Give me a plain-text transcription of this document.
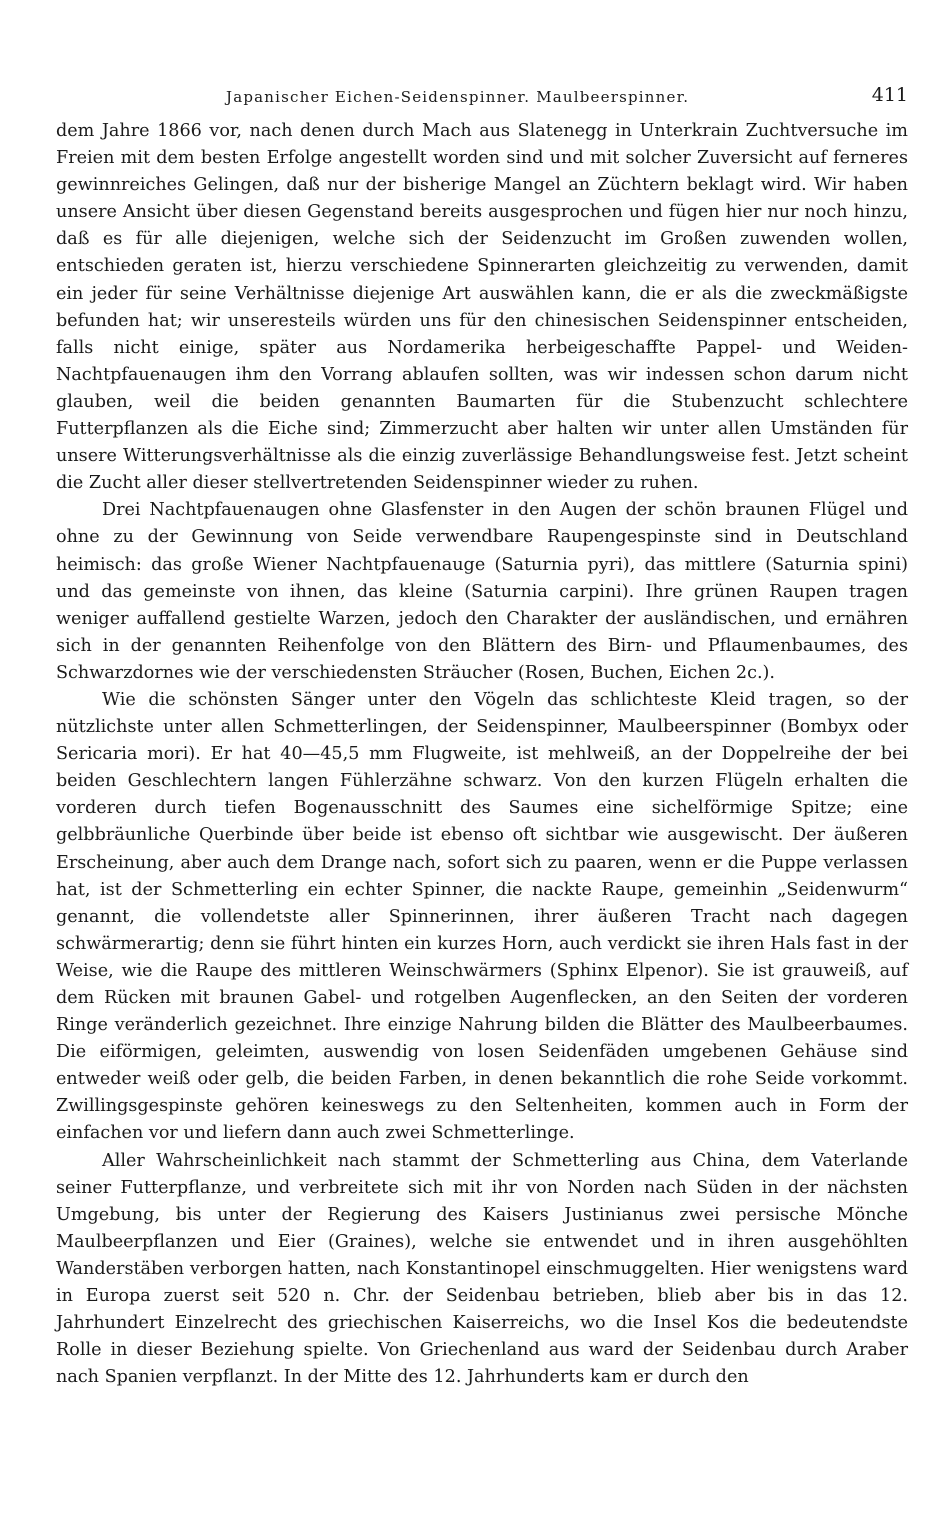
Japanischer Eichen-Seidenspinner. Maulbeerspinner.	411

dem Jahre 1866 vor, nach denen durch Mach aus Slatenegg in Unterkrain Zuchtversuche im Freien mit dem besten Erfolge angestellt worden sind und mit solcher Zuversicht auf ferneres gewinnreiches Gelingen, daß nur der bisherige Mangel an Züchtern beklagt wird. Wir haben unsere Ansicht über diesen Gegenstand bereits ausgesprochen und fügen hier nur noch hinzu, daß es für alle diejenigen, welche sich der Seidenzucht im Großen zuwenden wollen, entschieden geraten ist, hierzu verschiedene Spinnerarten gleichzeitig zu verwenden, damit ein jeder für seine Verhältnisse diejenige Art auswählen kann, die er als die zweckmäßigste befunden hat; wir unseresteils würden uns für den chinesischen Seidenspinner entscheiden, falls nicht einige, später aus Nordamerika herbeigeschaffte Pappel- und Weiden-Nachtpfauenaugen ihm den Vorrang ablaufen sollten, was wir indessen schon darum nicht glauben, weil die beiden genannten Baumarten für die Stubenzucht schlechtere Futterpflanzen als die Eiche sind; Zimmerzucht aber halten wir unter allen Umständen für unsere Witterungsverhältnisse als die einzig zuverlässige Behandlungsweise fest. Jetzt scheint die Zucht aller dieser stellvertretenden Seidenspinner wieder zu ruhen.

Drei Nachtpfauenaugen ohne Glasfenster in den Augen der schön braunen Flügel und ohne zu der Gewinnung von Seide verwendbare Raupengespinste sind in Deutschland heimisch: das große Wiener Nachtpfauenauge (Saturnia pyri), das mittlere (Saturnia spini) und das gemeinste von ihnen, das kleine (Saturnia carpini). Ihre grünen Raupen tragen weniger auffallend gestielte Warzen, jedoch den Charakter der ausländischen, und ernähren sich in der genannten Reihenfolge von den Blättern des Birn- und Pflaumenbaumes, des Schwarzdornes wie der verschiedensten Sträucher (Rosen, Buchen, Eichen 2c.).

Wie die schönsten Sänger unter den Vögeln das schlichteste Kleid tragen, so der nützlichste unter allen Schmetterlingen, der Seidenspinner, Maulbeerspinner (Bombyx oder Sericaria mori). Er hat 40—45,5 mm Flugweite, ist mehlweiß, an der Doppelreihe der bei beiden Geschlechtern langen Fühlerzähne schwarz. Von den kurzen Flügeln erhalten die vorderen durch tiefen Bogenausschnitt des Saumes eine sichelförmige Spitze; eine gelbbräunliche Querbinde über beide ist ebenso oft sichtbar wie ausgewischt. Der äußeren Erscheinung, aber auch dem Drange nach, sofort sich zu paaren, wenn er die Puppe verlassen hat, ist der Schmetterling ein echter Spinner, die nackte Raupe, gemeinhin „Seidenwurm“ genannt, die vollendetste aller Spinnerinnen, ihrer äußeren Tracht nach dagegen schwärmerartig; denn sie führt hinten ein kurzes Horn, auch verdickt sie ihren Hals fast in der Weise, wie die Raupe des mittleren Weinschwärmers (Sphinx Elpenor). Sie ist grauweiß, auf dem Rücken mit braunen Gabel- und rotgelben Augenflecken, an den Seiten der vorderen Ringe veränderlich gezeichnet. Ihre einzige Nahrung bilden die Blätter des Maulbeerbaumes. Die eiförmigen, geleimten, auswendig von losen Seidenfäden umgebenen Gehäuse sind entweder weiß oder gelb, die beiden Farben, in denen bekanntlich die rohe Seide vorkommt. Zwillingsgespinste gehören keineswegs zu den Seltenheiten, kommen auch in Form der einfachen vor und liefern dann auch zwei Schmetterlinge.

Aller Wahrscheinlichkeit nach stammt der Schmetterling aus China, dem Vaterlande seiner Futterpflanze, und verbreitete sich mit ihr von Norden nach Süden in der nächsten Umgebung, bis unter der Regierung des Kaisers Justinianus zwei persische Mönche Maulbeerpflanzen und Eier (Graines), welche sie entwendet und in ihren ausgehöhlten Wanderstäben verborgen hatten, nach Konstantinopel einschmuggelten. Hier wenigstens ward in Europa zuerst seit 520 n. Chr. der Seidenbau betrieben, blieb aber bis in das 12. Jahrhundert Einzelrecht des griechischen Kaiserreichs, wo die Insel Kos die bedeutendste Rolle in dieser Beziehung spielte. Von Griechenland aus ward der Seidenbau durch Araber nach Spanien verpflanzt. In der Mitte des 12. Jahrhunderts kam er durch den
